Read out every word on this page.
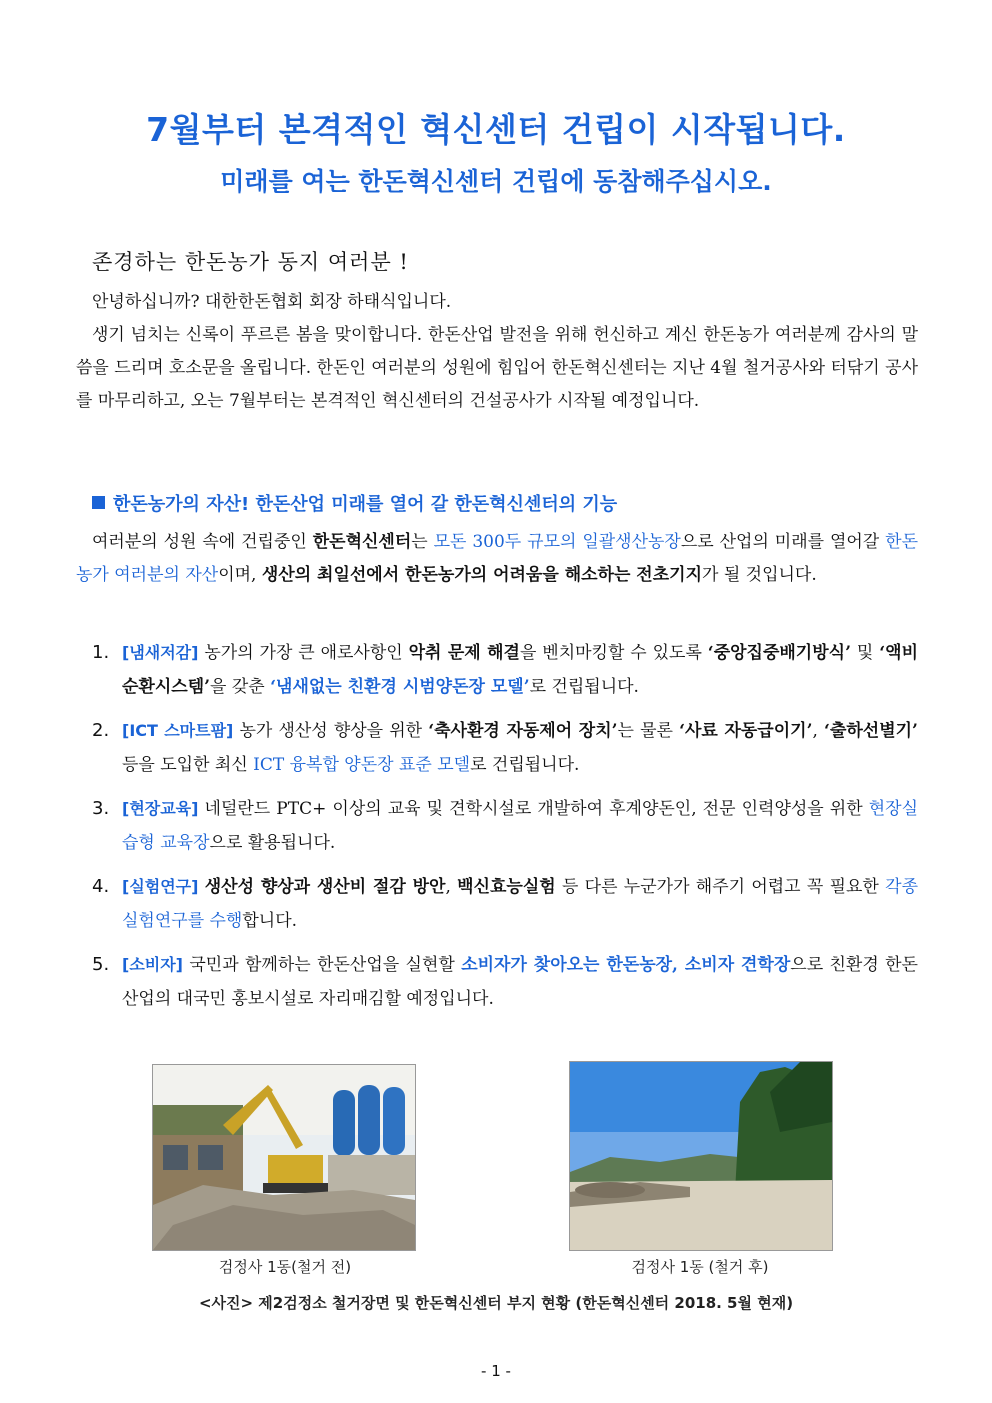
7월부터 본격적인 혁신센터 건립이 시작됩니다.
미래를 여는 한돈혁신센터 건립에 동참해주십시오.
존경하는 한돈농가 동지 여러분 !
안녕하십니까? 대한한돈협회 회장 하태식입니다.
생기 넘치는 신록이 푸르른 봄을 맞이합니다. 한돈산업 발전을 위해 헌신하고 계신 한돈농가 여러분께 감사의 말씀을 드리며 호소문을 올립니다. 한돈인 여러분의 성원에 힘입어 한돈혁신센터는 지난 4월 철거공사와 터닦기 공사를 마무리하고, 오는 7월부터는 본격적인 혁신센터의 건설공사가 시작될 예정입니다.
한돈농가의 자산! 한돈산업 미래를 열어 갈 한돈혁신센터의 기능
여러분의 성원 속에 건립중인 한돈혁신센터는 모돈 300두 규모의 일괄생산농장으로 산업의 미래를 열어갈 한돈농가 여러분의 자산이며, 생산의 최일선에서 한돈농가의 어려움을 해소하는 전초기지가 될 것입니다.
1. [냄새저감] 농가의 가장 큰 애로사항인 악취 문제 해결을 벤치마킹할 수 있도록 ‘중앙집중배기방식’ 및 ‘액비순환시스템’을 갖춘 ‘냄새없는 친환경 시범양돈장 모델’로 건립됩니다.
2. [ICT 스마트팜] 농가 생산성 향상을 위한 ‘축사환경 자동제어 장치’는 물론 ‘사료 자동급이기’, ‘출하선별기’ 등을 도입한 최신 ICT 융복합 양돈장 표준 모델로 건립됩니다.
3. [현장교육] 네덜란드 PTC+ 이상의 교육 및 견학시설로 개발하여 후계양돈인, 전문 인력양성을 위한 현장실습형 교육장으로 활용됩니다.
4. [실험연구] 생산성 향상과 생산비 절감 방안, 백신효능실험 등 다른 누군가가 해주기 어렵고 꼭 필요한 각종 실험연구를 수행합니다.
5. [소비자] 국민과 함께하는 한돈산업을 실현할 소비자가 찾아오는 한돈농장, 소비자 견학장으로 친환경 한돈산업의 대국민 홍보시설로 자리매김할 예정입니다.
검정사 1동(철거 전)	검정사 1동 (철거 후)
<사진> 제2검정소 철거장면 및 한돈혁신센터 부지 현황 (한돈혁신센터 2018. 5월 현재)
- 1 -
